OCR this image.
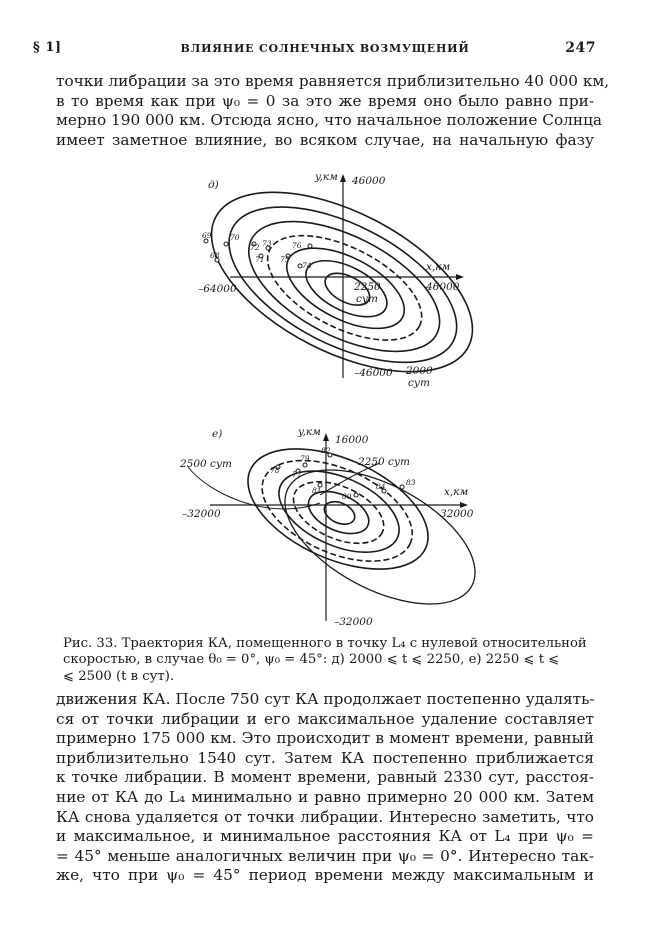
§ 1]	ВЛИЯНИЕ СОЛНЕЧНЫХ ВОЗМУЩЕНИЙ	247
точки либрации за это время равняется приблизительно 40 000 км,
в то время как при ψ₀ = 0 за это же время оно было равно при-
мерно 190 000 км. Отсюда ясно, что начальное положение Солнца
имеет заметное влияние, во всяком случае, на начальную фазу
д)
y,км 46000
x,км
–64000	46000
2250
сут
–46000 2000
сут
69 70
68
72 73
71 75
76
74
е)	y,км
16000
2500 сут	2250 сут
x,км
–32000	32000
–32000
82
79
78 77
81
80
84	83
Рис. 33. Траектория КА, помещенного в точку L₄ с нулевой относительной
скоростью, в случае θ₀ = 0°, ψ₀ = 45°: д) 2000 ⩽ t ⩽ 2250, е) 2250 ⩽ t ⩽
⩽ 2500 (t в сут).
движения КА. После 750 сут КА продолжает постепенно удалять-
ся от точки либрации и его максимальное удаление составляет
примерно 175 000 км. Это происходит в момент времени, равный
приблизительно 1540 сут. Затем КА постепенно приближается
к точке либрации. В момент времени, равный 2330 сут, расстоя-
ние от КА до L₄ минимально и равно примерно 20 000 км. Затем
КА снова удаляется от точки либрации. Интересно заметить, что
и максимальное, и минимальное расстояния КА от L₄ при ψ₀ =
= 45° меньше аналогичных величин при ψ₀ = 0°. Интересно так-
же, что при ψ₀ = 45° период времени между максимальным и
